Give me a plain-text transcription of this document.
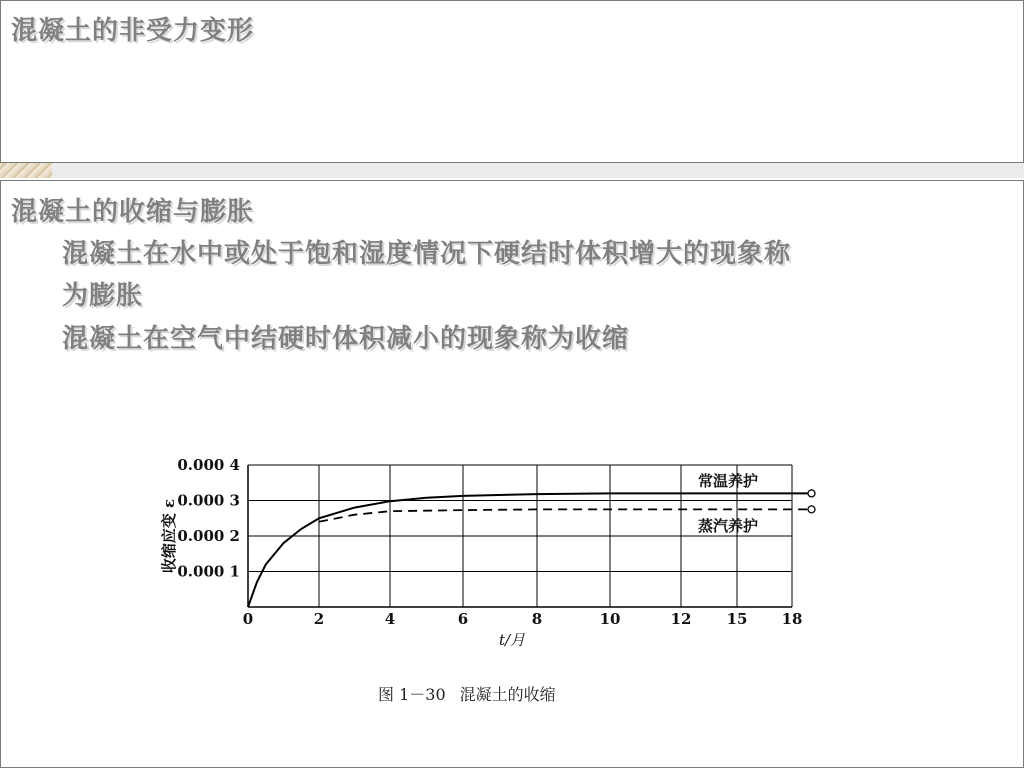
混凝土的非受力变形
混凝土的收缩与膨胀
混凝土在水中或处于饱和湿度情况下硬结时体积增大的现象称
为膨胀
混凝土在空气中结硬时体积减小的现象称为收缩
0.000 1
0.000 2
0.000 3
0.000 4
0	2	4	6	8	10	12 15 18
t/月
收缩应变 ε
常温养护
蒸汽养护
图 1－30 混凝土的收缩
